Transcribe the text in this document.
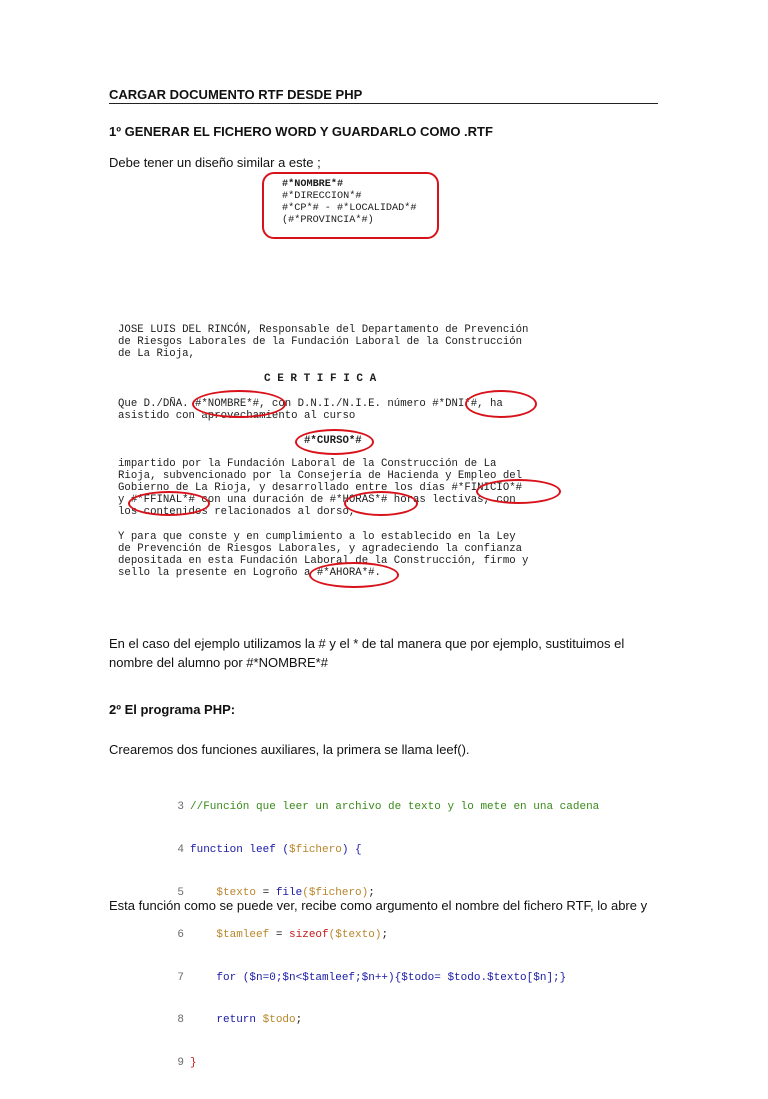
CARGAR DOCUMENTO RTF DESDE PHP
1º GENERAR EL FICHERO WORD Y GUARDARLO COMO .RTF
Debe tener un diseño similar a este ;
#*NOMBRE*#
#*DIRECCION*#
#*CP*# - #*LOCALIDAD*#
(#*PROVINCIA*#)
JOSE LUIS DEL RINCÓN, Responsable del Departamento de Prevención
de Riesgos Laborales de la Fundación Laboral de la Construcción
de La Rioja,
C E R T I F I C A
Que D./DÑA. #*NOMBRE*#, con D.N.I./N.I.E. número #*DNI*#, ha
asistido con aprovechamiento al curso
#*CURSO*#
impartido por la Fundación Laboral de la Construcción de La
Rioja, subvencionado por la Consejería de Hacienda y Empleo del
Gobierno de La Rioja, y desarrollado entre los días #*FINICIO*#
y #*FFINAL*# con una duración de #*HORAS*# horas lectivas, con
los contenidos relacionados al dorso,
Y para que conste y en cumplimiento a lo establecido en la Ley
de Prevención de Riesgos Laborales, y agradeciendo la confianza
depositada en esta Fundación Laboral de la Construcción, firmo y
sello la presente en Logroño a #*AHORA*#.
En el caso del ejemplo utilizamos la # y el * de tal manera que por ejemplo, sustituimos el
nombre del alumno por #*NOMBRE*#
2º El programa PHP:
Crearemos dos funciones auxiliares, la primera se llama leef().

3 //Función que leer un archivo de texto y lo mete en una cadena

4 function leef ($fichero) {

5	$texto = file($fichero);

6	$tamleef = sizeof($texto);

7	for ($n=0;$n<$tamleef;$n++){$todo= $todo.$texto[$n];}

8	return $todo;

9 }

Esta función como se puede ver, recibe como argumento el nombre del fichero RTF, lo abre y
